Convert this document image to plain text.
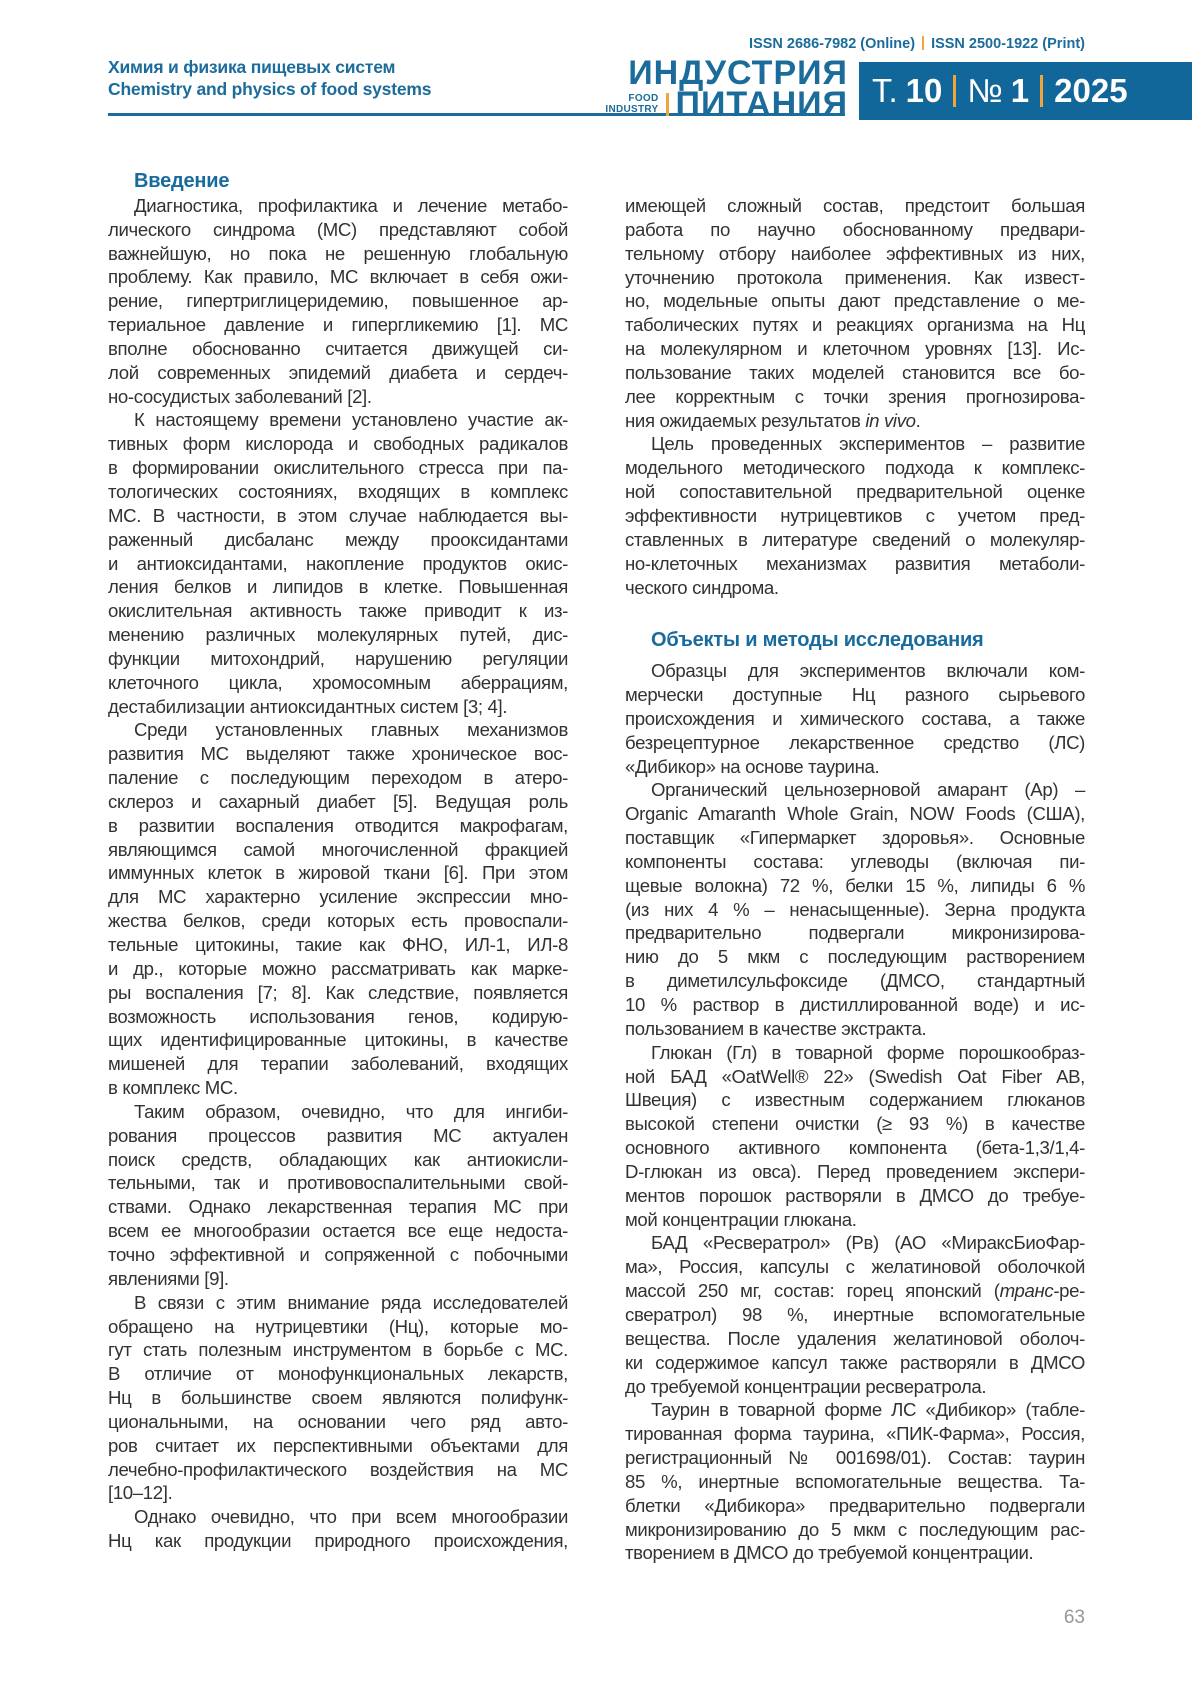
Химия и физика пищевых систем
Chemistry and physics of food systems	ИНДУСТРИЯ
FOOD
INDUSTRY ПИТАНИЯ
ISSN 2686-7982 (Online) ISSN 2500-1922 (Print)
Т. 10 № 1 2025
Введение
Диагностика, профилактика и лечение метабо-
лического синдрома (МС) представляют собой
важнейшую, но пока не решенную глобальную
проблему. Как правило, МС включает в себя ожи-
рение, гипертриглицеридемию, повышенное ар-
териальное давление и гипергликемию [1]. МС
вполне обоснованно считается движущей си-
лой современных эпидемий диабета и сердеч-
но-сосудистых заболеваний [2].
К настоящему времени установлено участие ак-
тивных форм кислорода и свободных радикалов
в формировании окислительного стресса при па-
тологических состояниях, входящих в комплекс
МС. В частности, в этом случае наблюдается вы-
раженный дисбаланс между прооксидантами
и антиоксидантами, накопление продуктов окис-
ления белков и липидов в клетке. Повышенная
окислительная активность также приводит к из-
менению различных молекулярных путей, дис-
функции митохондрий, нарушению регуляции
клеточного цикла, хромосомным аберрациям,
дестабилизации антиоксидантных систем [3; 4].
Среди установленных главных механизмов
развития МС выделяют также хроническое вос-
паление с последующим переходом в атеро-
склероз и сахарный диабет [5]. Ведущая роль
в развитии воспаления отводится макрофагам,
являющимся самой многочисленной фракцией
иммунных клеток в жировой ткани [6]. При этом
для МС характерно усиление экспрессии мно-
жества белков, среди которых есть провоспали-
тельные цитокины, такие как ФНО, ИЛ-1, ИЛ-8
и др., которые можно рассматривать как марке-
ры воспаления [7; 8]. Как следствие, появляется
возможность использования генов, кодирую-
щих идентифицированные цитокины, в качестве
мишеней для терапии заболеваний, входящих
в комплекс МС.
Таким образом, очевидно, что для ингиби-
рования процессов развития МС актуален
поиск средств, обладающих как антиокисли-
тельными, так и противовоспалительными свой-
ствами. Однако лекарственная терапия МС при
всем ее многообразии остается все еще недоста-
точно эффективной и сопряженной с побочными
явлениями [9].
В связи с этим внимание ряда исследователей
обращено на нутрицевтики (Нц), которые мо-
гут стать полезным инструментом в борьбе с МС.
В отличие от монофункциональных лекарств,
Нц в большинстве своем являются полифунк-
циональными, на основании чего ряд авто-
ров считает их перспективными объектами для
лечебно-профилактического воздействия на МС
[10–12].
Однако очевидно, что при всем многообразии
Нц как продукции природного происхождения,
имеющей сложный состав, предстоит большая
работа по научно обоснованному предвари-
тельному отбору наиболее эффективных из них,
уточнению протокола применения. Как извест-
но, модельные опыты дают представление о ме-
таболических путях и реакциях организма на Нц
на молекулярном и клеточном уровнях [13]. Ис-
пользование таких моделей становится все бо-
лее корректным с точки зрения прогнозирова-
ния ожидаемых результатов in vivo.
Цель проведенных экспериментов – развитие
модельного методического подхода к комплекс-
ной сопоставительной предварительной оценке
эффективности нутрицевтиков с учетом пред-
ставленных в литературе сведений о молекуляр-
но-клеточных механизмах развития метаболи-
ческого синдрома.
Объекты и методы исследования
Образцы для экспериментов включали ком-
мерчески доступные Нц разного сырьевого
происхождения и химического состава, а также
безрецептурное лекарственное средство (ЛС)
«Дибикор» на основе таурина.
Органический цельнозерновой амарант (Ар) –
Organic Amaranth Whole Grain, NOW Foods (США),
поставщик «Гипермаркет здоровья». Основные
компоненты состава: углеводы (включая пи-
щевые волокна) 72 %, белки 15 %, липиды 6 %
(из них 4 % – ненасыщенные). Зерна продукта
предварительно подвергали микронизирова-
нию до 5 мкм с последующим растворением
в диметилсульфоксиде (ДМСО, стандартный
10 % раствор в дистиллированной воде) и ис-
пользованием в качестве экстракта.
Глюкан (Гл) в товарной форме порошкообраз-
ной БАД «OatWell® 22» (Swedish Oat Fiber AB,
Швеция) с известным содержанием глюканов
высокой степени очистки (≥ 93 %) в качестве
основного активного компонента (бета-1,3/1,4-
D-глюкан из овса). Перед проведением экспери-
ментов порошок растворяли в ДМСО до требуе-
мой концентрации глюкана.
БАД «Ресвератрол» (Рв) (АО «МираксБиоФар-
ма», Россия, капсулы с желатиновой оболочкой
массой 250 мг, состав: горец японский (транс-ре-
свератрол) 98 %, инертные вспомогательные
вещества. После удаления желатиновой оболоч-
ки содержимое капсул также растворяли в ДМСО
до требуемой концентрации ресвератрола.
Таурин в товарной форме ЛС «Дибикор» (табле-
тированная форма таурина, «ПИК-Фарма», Россия,
регистрационный № 001698/01). Состав: таурин
85 %, инертные вспомогательные вещества. Та-
блетки «Дибикора» предварительно подвергали
микронизированию до 5 мкм с последующим рас-
творением в ДМСО до требуемой концентрации.
63
